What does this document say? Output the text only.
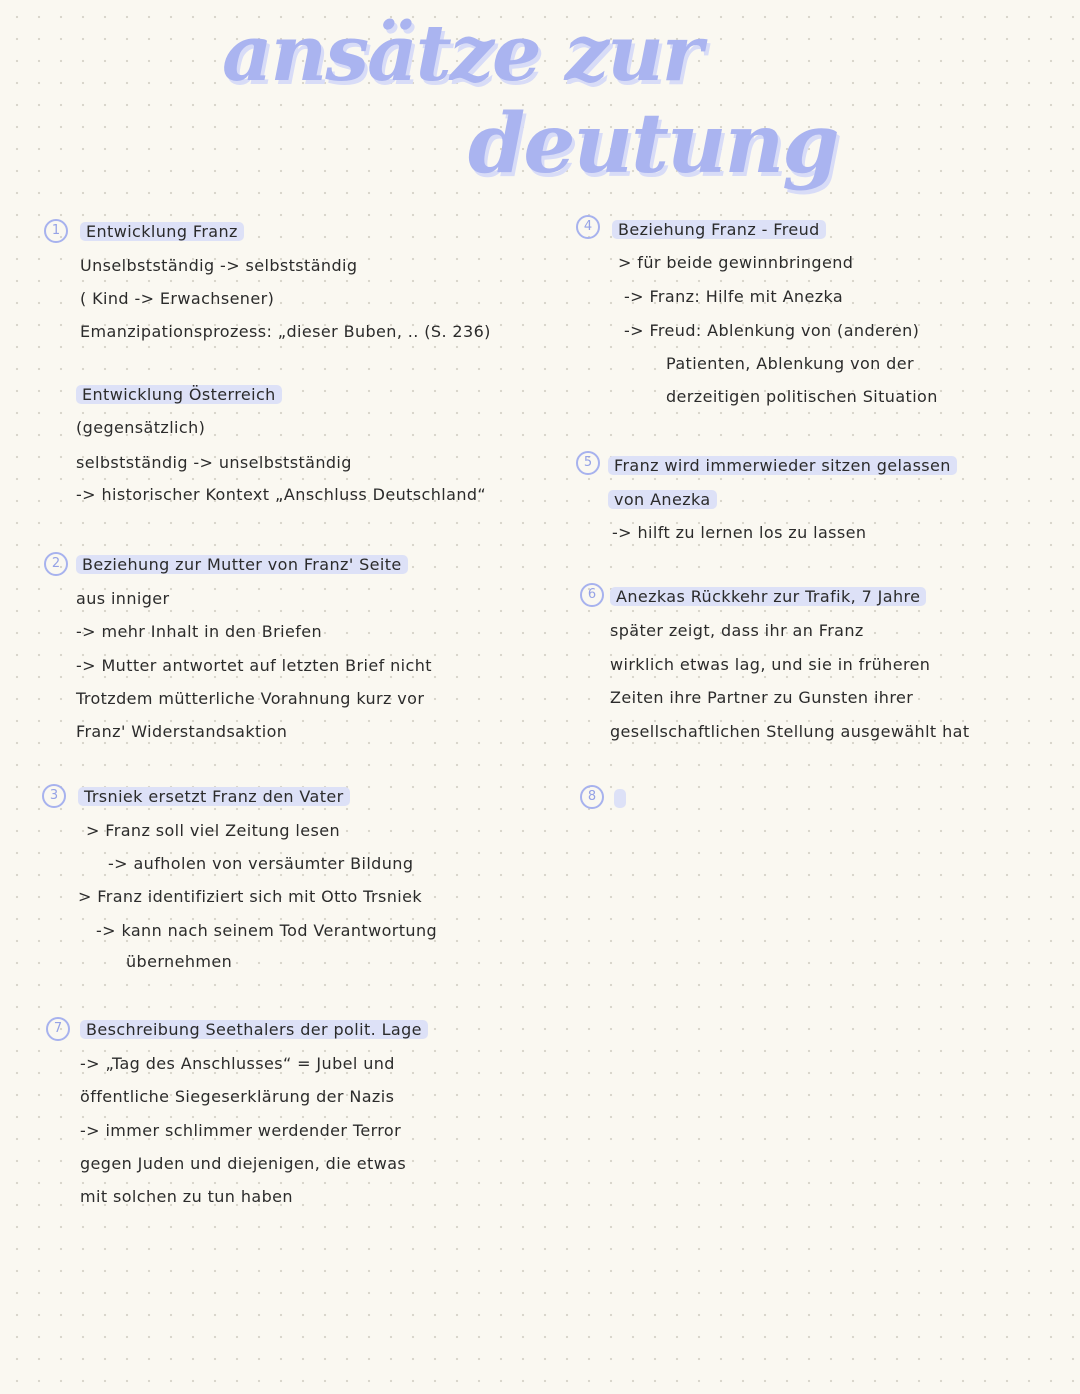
ansätze zur
deutung
1	Entwicklung Franz
Unselbstständig -> selbstständig
( Kind -> Erwachsener)
Emanzipationsprozess: „dieser Buben, .. (S. 236)
Entwicklung Österreich
(gegensätzlich)
selbstständig -> unselbstständig
-> historischer Kontext „Anschluss Deutschland“
2	Beziehung zur Mutter von Franz' Seite
aus inniger
-> mehr Inhalt in den Briefen
-> Mutter antwortet auf letzten Brief nicht
Trotzdem mütterliche Vorahnung kurz vor
Franz' Widerstandsaktion
3	Trsniek ersetzt Franz den Vater
> Franz soll viel Zeitung lesen
-> aufholen von versäumter Bildung
> Franz identifiziert sich mit Otto Trsniek
-> kann nach seinem Tod Verantwortung
übernehmen
7	Beschreibung Seethalers der polit. Lage
-> „Tag des Anschlusses“ = Jubel und
öffentliche Siegeserklärung der Nazis
-> immer schlimmer werdender Terror
gegen Juden und diejenigen, die etwas
mit solchen zu tun haben
4	Beziehung Franz - Freud
> für beide gewinnbringend
-> Franz: Hilfe mit Anezka
-> Freud: Ablenkung von (anderen)
Patienten, Ablenkung von der
derzeitigen politischen Situation
5	Franz wird immerwieder sitzen gelassen
von Anezka
-> hilft zu lernen los zu lassen
6	Anezkas Rückkehr zur Trafik, 7 Jahre
später zeigt, dass ihr an Franz
wirklich etwas lag, und sie in früheren
Zeiten ihre Partner zu Gunsten ihrer
gesellschaftlichen Stellung ausgewählt hat
8
